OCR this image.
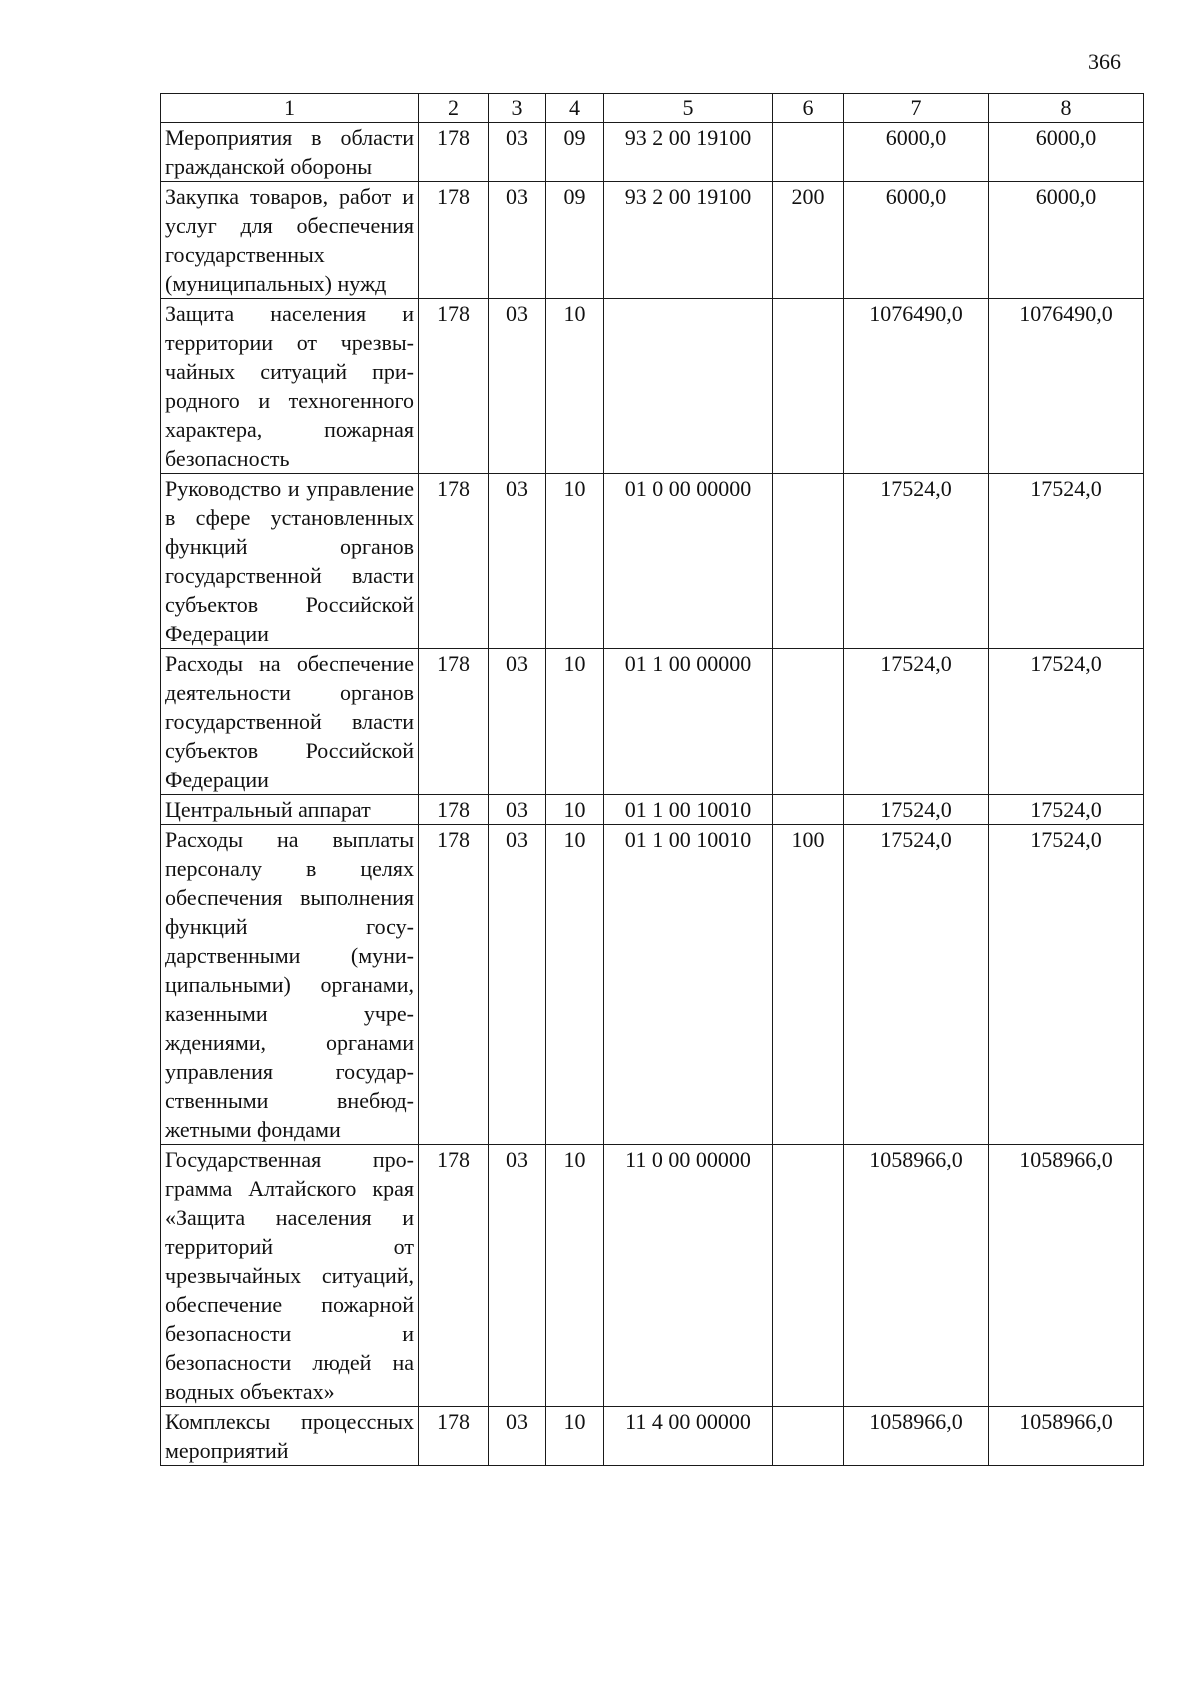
366
1	2	3	4	5	6	7	8
Мероприятия в области гражданской обороны	178	03	09	93 2 00 19100		6000,0	6000,0
Закупка товаров, работ и услуг для обеспечения государственных (муниципальных) нужд	178	03	09	93 2 00 19100	200	6000,0	6000,0
Защита населения и территории от чрезвычайных ситуаций природного и техногенного характера, пожарная безопасность	178	03	10			1076490,0	1076490,0
Руководство и управление в сфере установленных функций органов государственной власти субъектов Российской Федерации	178	03	10	01 0 00 00000		17524,0	17524,0
Расходы на обеспечение деятельности органов государственной власти субъектов Российской Федерации	178	03	10	01 1 00 00000		17524,0	17524,0
Центральный аппарат	178	03	10	01 1 00 10010		17524,0	17524,0
Расходы на выплаты персоналу в целях обеспечения выполнения функций государственными (муниципальными) органами, казенными учреждениями, органами управления государственными внебюджетными фондами	178	03	10	01 1 00 10010	100	17524,0	17524,0
Государственная программа Алтайского края «Защита населения и территорий от чрезвычайных ситуаций, обеспечение пожарной безопасности и безопасности людей на водных объектах»	178	03	10	11 0 00 00000		1058966,0	1058966,0
Комплексы процессных мероприятий	178	03	10	11 4 00 00000		1058966,0	1058966,0
